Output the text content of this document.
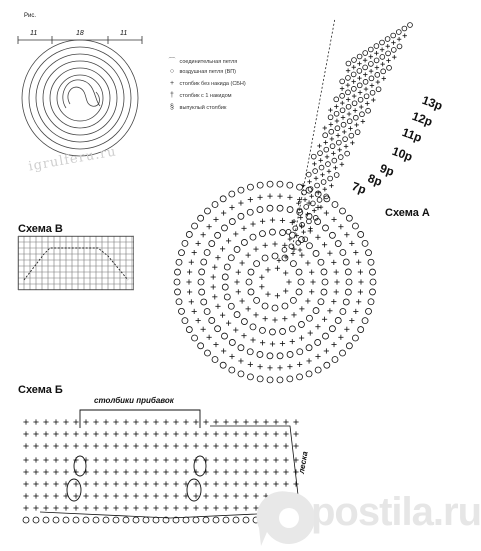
Рис.
11	18	11
igrulferu.ru
⌒ соединительная петля
○ воздушная петля (ВП)
+ столбик без накида (СБН)
† столбик с 1 накидом
§ выпуклый столбик
Схема А
13р
12р
11р
10р
9р
8р
7р
Схема В
Схема Б
столбики прибавок
леска
postila.ru
